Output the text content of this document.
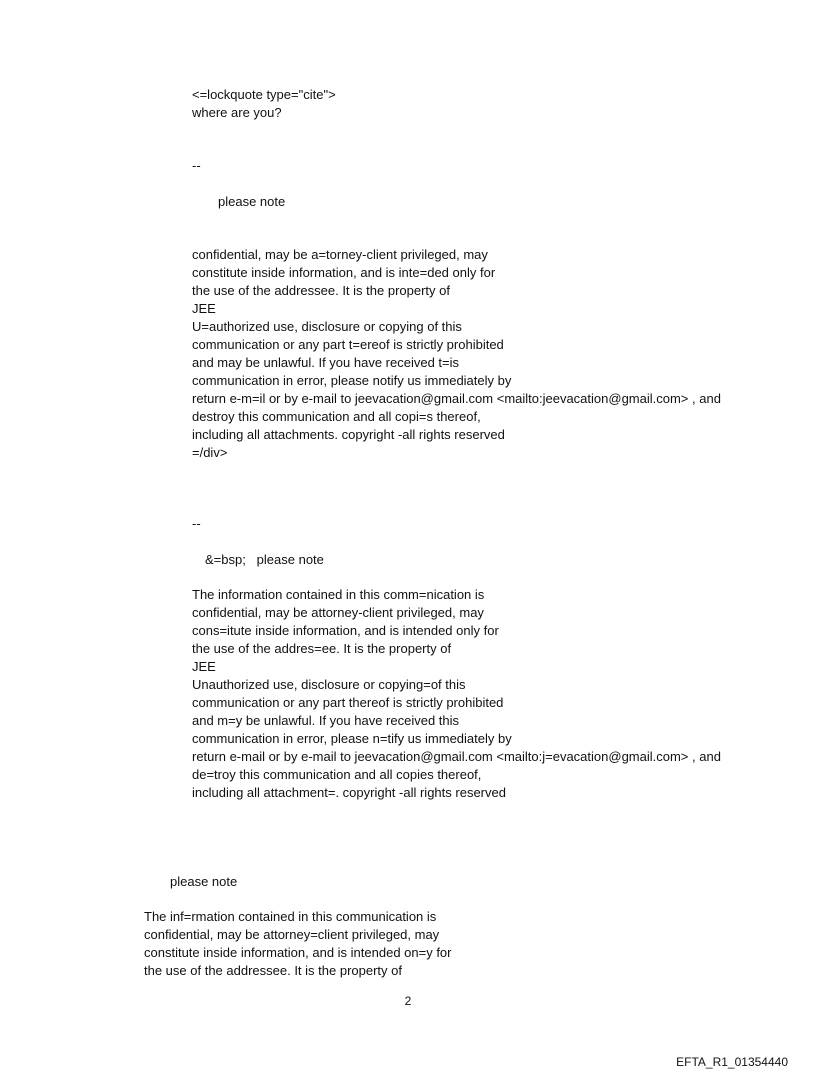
<=lockquote type="cite">
where are you?
--
please note
confidential, may be a=torney-client privileged, may
constitute inside information, and is inte=ded only for
the use of the addressee. It is the property of
JEE
U=authorized use, disclosure or copying of this
communication or any part t=ereof is strictly prohibited
and may be unlawful. If you have received t=is
communication in error, please notify us immediately by
return e-m=il or by e-mail to jeevacation@gmail.com <mailto:jeevacation@gmail.com> , and
destroy this communication and all copi=s thereof,
including all attachments. copyright -all rights reserved
=/div>
--
&=bsp;   please note
The information contained in this comm=nication is
confidential, may be attorney-client privileged, may
cons=itute inside information, and is intended only for
the use of the addres=ee. It is the property of
JEE
Unauthorized use, disclosure or copying=of this
communication or any part thereof is strictly prohibited
and m=y be unlawful. If you have received this
communication in error, please n=tify us immediately by
return e-mail or by e-mail to jeevacation@gmail.com <mailto:j=evacation@gmail.com> , and
de=troy this communication and all copies thereof,
including all attachment=. copyright -all rights reserved
please note
The inf=rmation contained in this communication is
confidential, may be attorney=client privileged, may
constitute inside information, and is intended on=y for
the use of the addressee. It is the property of
2
EFTA_R1_01354440
